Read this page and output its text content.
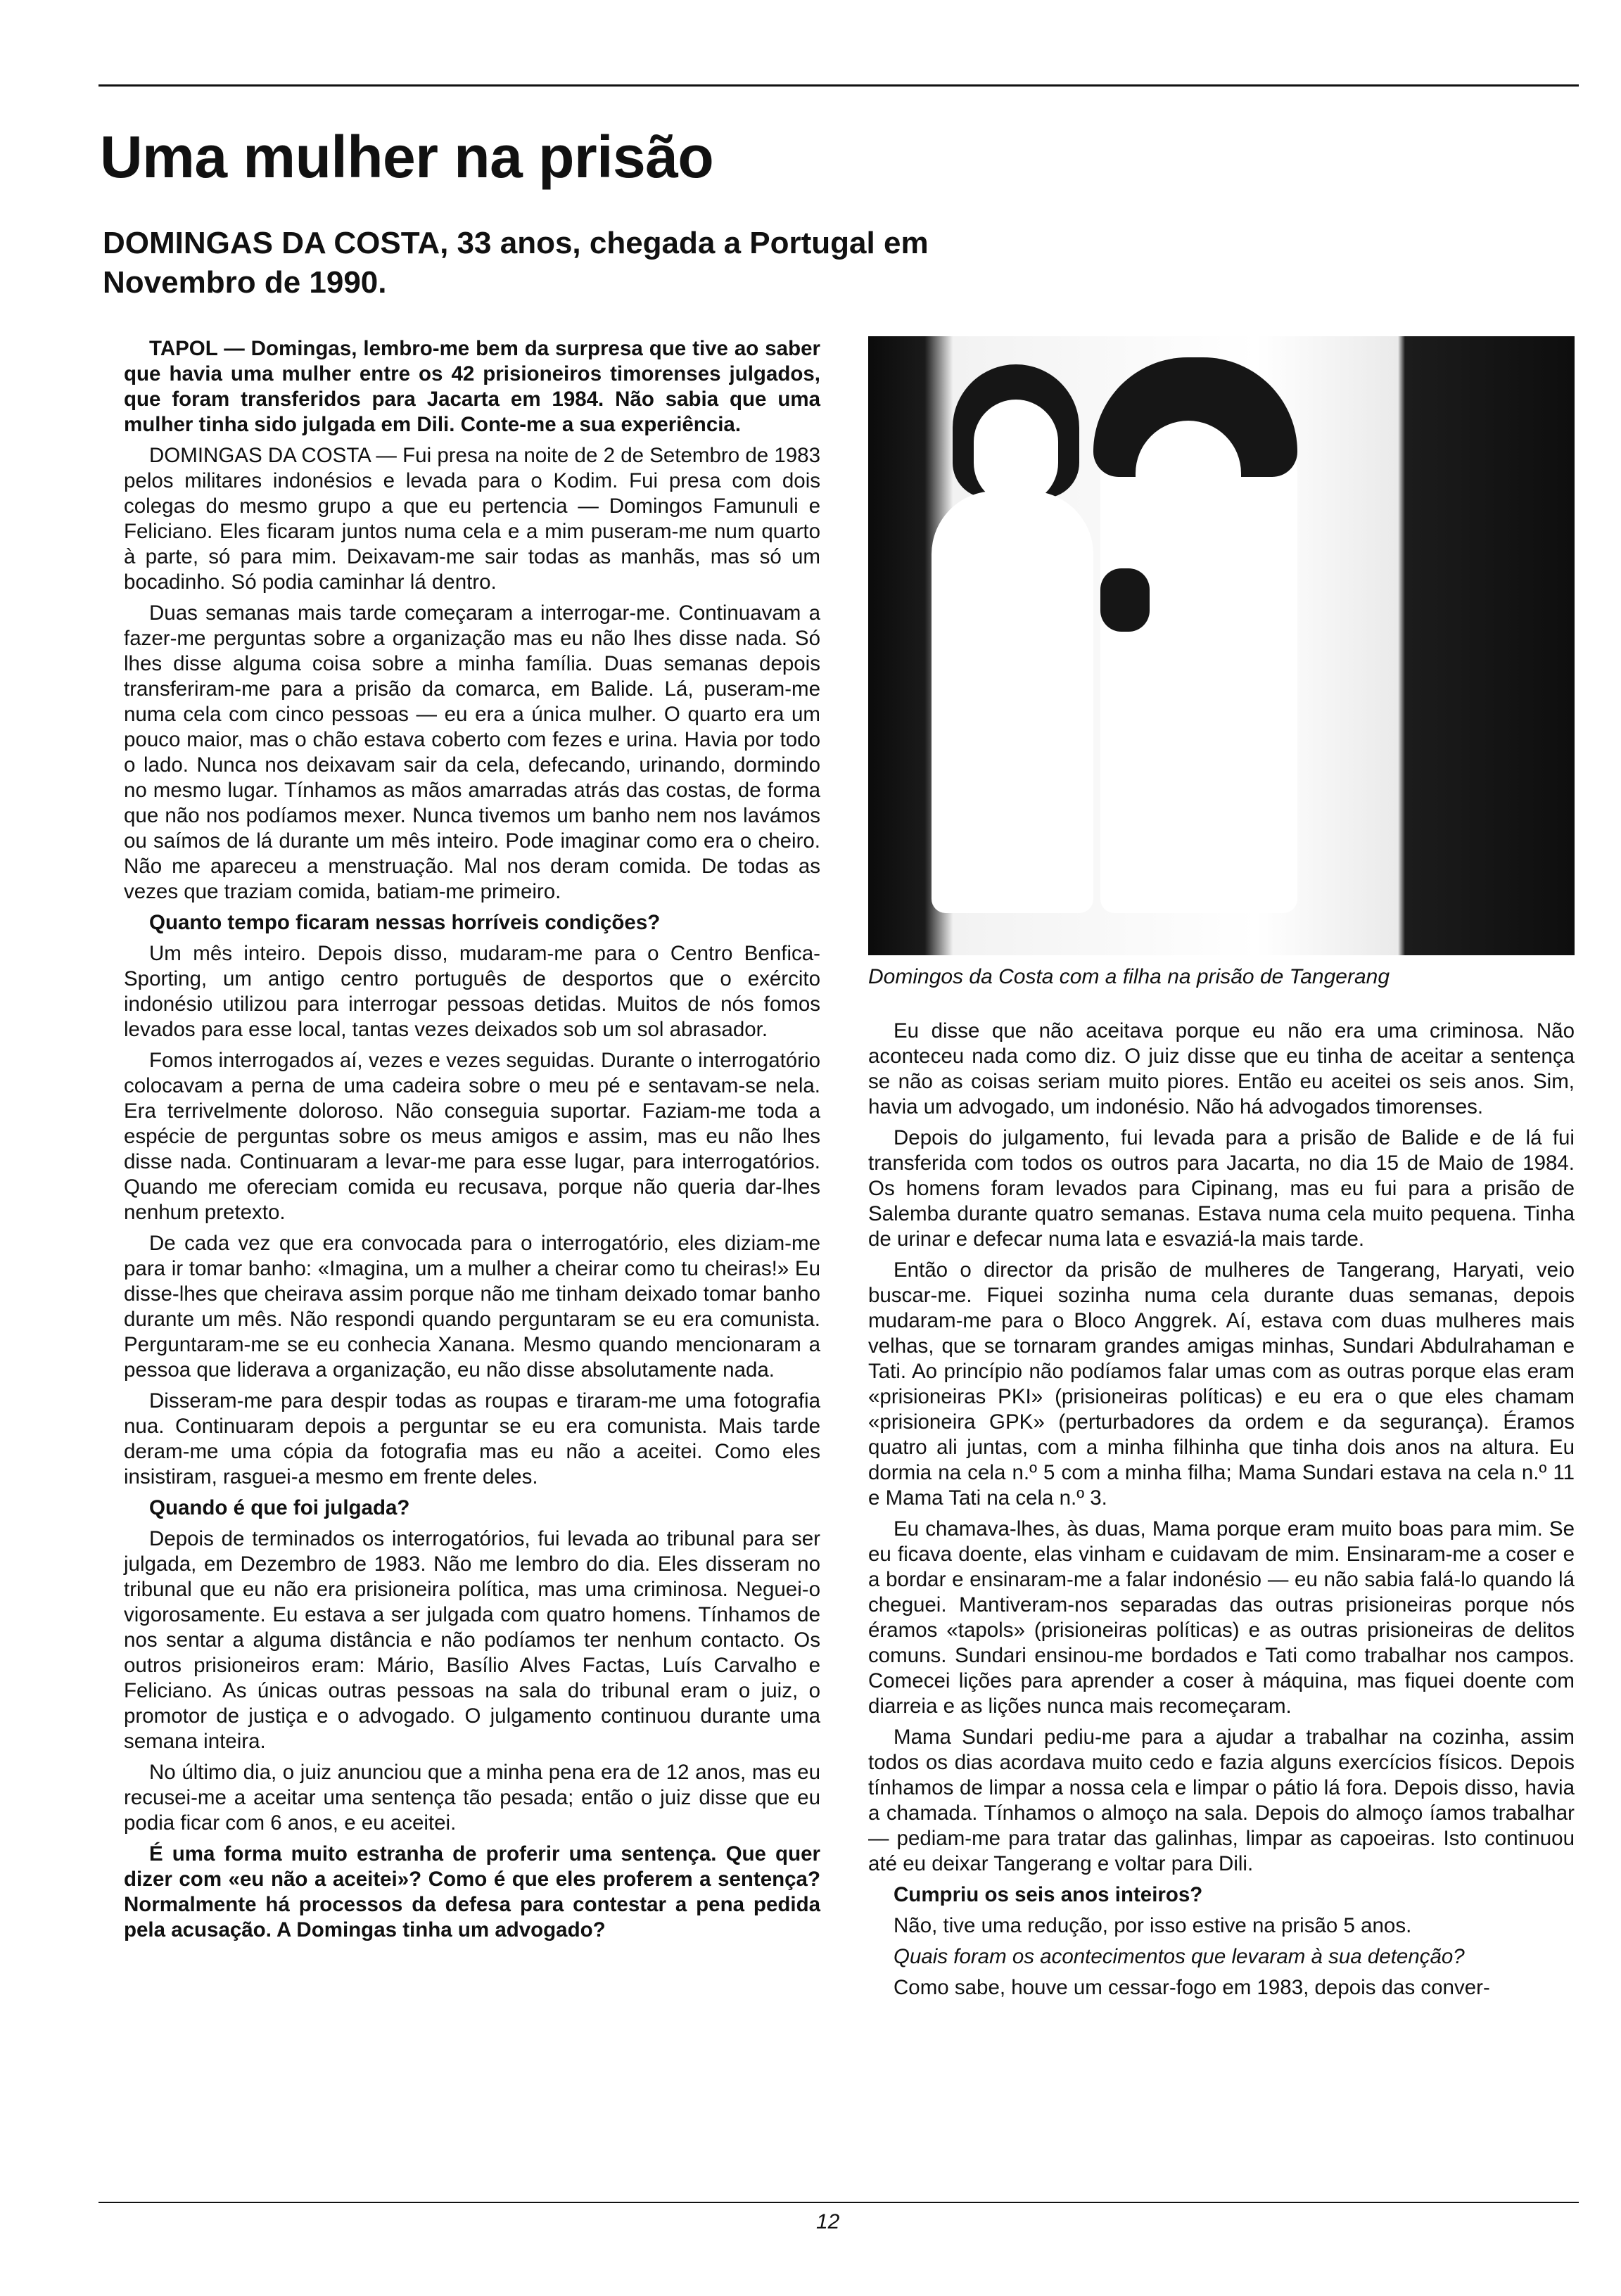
Uma mulher na prisão
DOMINGAS DA COSTA, 33 anos, chegada a Portugal em Novembro de 1990.

TAPOL — Domingas, lembro-me bem da surpresa que tive ao saber que havia uma mulher entre os 42 prisioneiros timorenses julgados, que foram transferidos para Jacarta em 1984. Não sabia que uma mulher tinha sido julgada em Dili. Conte-me a sua experiência.

DOMINGAS DA COSTA — Fui presa na noite de 2 de Setembro de 1983 pelos militares indonésios e levada para o Kodim. Fui presa com dois colegas do mesmo grupo a que eu pertencia — Domingos Famunuli e Feliciano. Eles ficaram juntos numa cela e a mim puseram-me num quarto à parte, só para mim. Deixavam-me sair todas as manhãs, mas só um bocadinho. Só podia caminhar lá dentro.

Duas semanas mais tarde começaram a interrogar-me. Continuavam a fazer-me perguntas sobre a organização mas eu não lhes disse nada. Só lhes disse alguma coisa sobre a minha família. Duas semanas depois transferiram-me para a prisão da comarca, em Balide. Lá, puseram-me numa cela com cinco pessoas — eu era a única mulher. O quarto era um pouco maior, mas o chão estava coberto com fezes e urina. Havia por todo o lado. Nunca nos deixavam sair da cela, defecando, urinando, dormindo no mesmo lugar. Tínhamos as mãos amarradas atrás das costas, de forma que não nos podíamos mexer. Nunca tivemos um banho nem nos lavámos ou saímos de lá durante um mês inteiro. Pode imaginar como era o cheiro. Não me apareceu a menstruação. Mal nos deram comida. De todas as vezes que traziam comida, batiam-me primeiro.

Quanto tempo ficaram nessas horríveis condições?

Um mês inteiro. Depois disso, mudaram-me para o Centro Benfica-Sporting, um antigo centro português de desportos que o exército indonésio utilizou para interrogar pessoas detidas. Muitos de nós fomos levados para esse local, tantas vezes deixados sob um sol abrasador.

Fomos interrogados aí, vezes e vezes seguidas. Durante o interrogatório colocavam a perna de uma cadeira sobre o meu pé e sentavam-se nela. Era terrivelmente doloroso. Não conseguia suportar. Faziam-me toda a espécie de perguntas sobre os meus amigos e assim, mas eu não lhes disse nada. Continuaram a levar-me para esse lugar, para interrogatórios. Quando me ofereciam comida eu recusava, porque não queria dar-lhes nenhum pretexto.

De cada vez que era convocada para o interrogatório, eles diziam-me para ir tomar banho: «Imagina, um a mulher a cheirar como tu cheiras!» Eu disse-lhes que cheirava assim porque não me tinham deixado tomar banho durante um mês. Não respondi quando perguntaram se eu era comunista. Perguntaram-me se eu conhecia Xanana. Mesmo quando mencionaram a pessoa que liderava a organização, eu não disse absolutamente nada.

Disseram-me para despir todas as roupas e tiraram-me uma fotografia nua. Continuaram depois a perguntar se eu era comunista. Mais tarde deram-me uma cópia da fotografia mas eu não a aceitei. Como eles insistiram, rasguei-a mesmo em frente deles.

Quando é que foi julgada?

Depois de terminados os interrogatórios, fui levada ao tribunal para ser julgada, em Dezembro de 1983. Não me lembro do dia. Eles disseram no tribunal que eu não era prisioneira política, mas uma criminosa. Neguei-o vigorosamente. Eu estava a ser julgada com quatro homens. Tínhamos de nos sentar a alguma distância e não podíamos ter nenhum contacto. Os outros prisioneiros eram: Mário, Basílio Alves Factas, Luís Carvalho e Feliciano. As únicas outras pessoas na sala do tribunal eram o juiz, o promotor de justiça e o advogado. O julgamento continuou durante uma semana inteira.

No último dia, o juiz anunciou que a minha pena era de 12 anos, mas eu recusei-me a aceitar uma sentença tão pesada; então o juiz disse que eu podia ficar com 6 anos, e eu aceitei.

É uma forma muito estranha de proferir uma sentença. Que quer dizer com «eu não a aceitei»? Como é que eles proferem a sentença? Normalmente há processos da defesa para contestar a pena pedida pela acusação. A Domingas tinha um advogado?

Domingos da Costa com a filha na prisão de Tangerang

Eu disse que não aceitava porque eu não era uma criminosa. Não aconteceu nada como diz. O juiz disse que eu tinha de aceitar a sentença se não as coisas seriam muito piores. Então eu aceitei os seis anos. Sim, havia um advogado, um indonésio. Não há advogados timorenses.

Depois do julgamento, fui levada para a prisão de Balide e de lá fui transferida com todos os outros para Jacarta, no dia 15 de Maio de 1984. Os homens foram levados para Cipinang, mas eu fui para a prisão de Salemba durante quatro semanas. Estava numa cela muito pequena. Tinha de urinar e defecar numa lata e esvaziá-la mais tarde.

Então o director da prisão de mulheres de Tangerang, Haryati, veio buscar-me. Fiquei sozinha numa cela durante duas semanas, depois mudaram-me para o Bloco Anggrek. Aí, estava com duas mulheres mais velhas, que se tornaram grandes amigas minhas, Sundari Abdulrahaman e Tati. Ao princípio não podíamos falar umas com as outras porque elas eram «prisioneiras PKI» (prisioneiras políticas) e eu era o que eles chamam «prisioneira GPK» (perturbadores da ordem e da segurança). Éramos quatro ali juntas, com a minha filhinha que tinha dois anos na altura. Eu dormia na cela n.º 5 com a minha filha; Mama Sundari estava na cela n.º 11 e Mama Tati na cela n.º 3.

Eu chamava-lhes, às duas, Mama porque eram muito boas para mim. Se eu ficava doente, elas vinham e cuidavam de mim. Ensinaram-me a coser e a bordar e ensinaram-me a falar indonésio — eu não sabia falá-lo quando lá cheguei. Mantiveram-nos separadas das outras prisioneiras porque nós éramos «tapols» (prisioneiras políticas) e as outras prisioneiras de delitos comuns. Sundari ensinou-me bordados e Tati como trabalhar nos campos. Comecei lições para aprender a coser à máquina, mas fiquei doente com diarreia e as lições nunca mais recomeçaram.

Mama Sundari pediu-me para a ajudar a trabalhar na cozinha, assim todos os dias acordava muito cedo e fazia alguns exercícios físicos. Depois tínhamos de limpar a nossa cela e limpar o pátio lá fora. Depois disso, havia a chamada. Tínhamos o almoço na sala. Depois do almoço íamos trabalhar — pediam-me para tratar das galinhas, limpar as capoeiras. Isto continuou até eu deixar Tangerang e voltar para Dili.

Cumpriu os seis anos inteiros?

Não, tive uma redução, por isso estive na prisão 5 anos.

Quais foram os acontecimentos que levaram à sua detenção?

Como sabe, houve um cessar-fogo em 1983, depois das conver-

12
